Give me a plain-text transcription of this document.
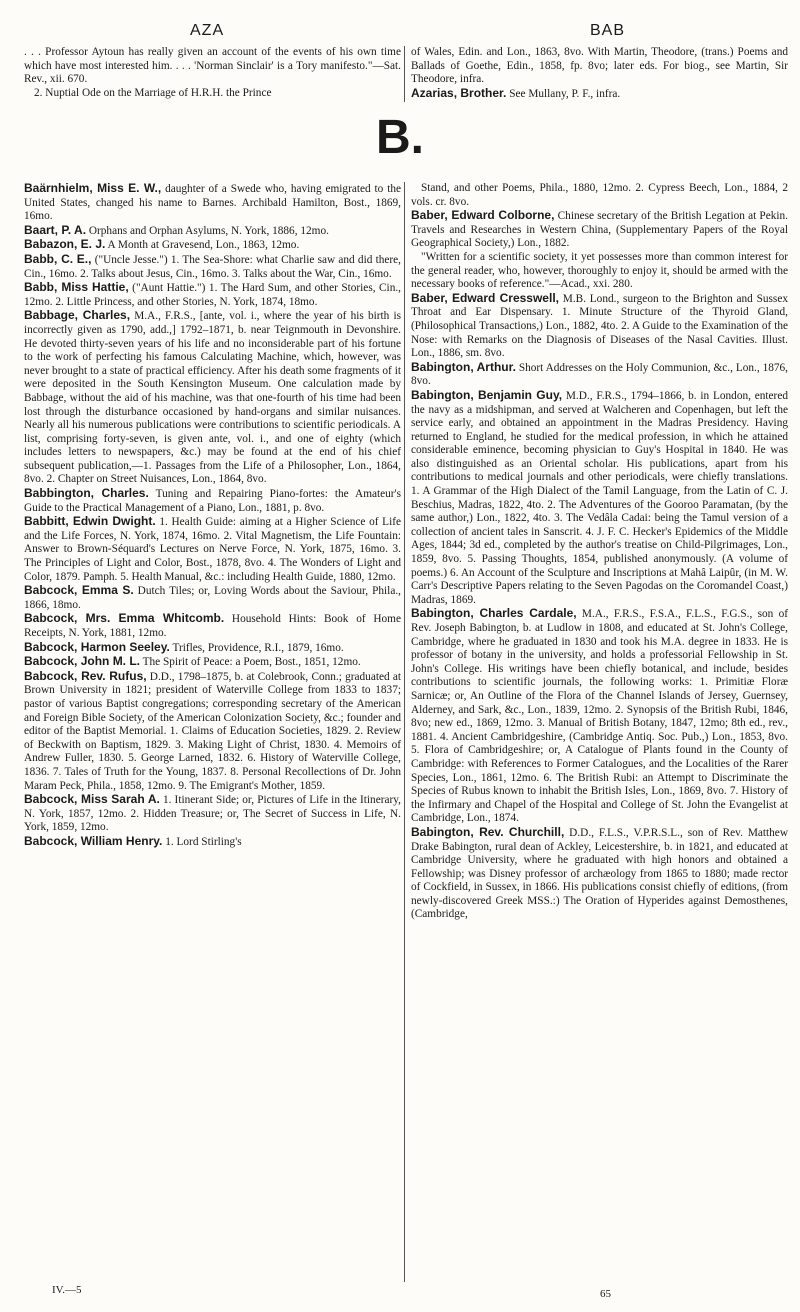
AZA	BAB

. . . Professor Aytoun has really given an account of the events of his own time which have most interested him. . . . 'Norman Sinclair' is a Tory manifesto."—Sat. Rev., xii. 670.

2. Nuptial Ode on the Marriage of H.R.H. the Prince

of Wales, Edin. and Lon., 1863, 8vo. With Martin, Theodore, (trans.) Poems and Ballads of Goethe, Edin., 1858, fp. 8vo; later eds. For biog., see Martin, Sir Theodore, infra.

Azarias, Brother. See Mullany, P. F., infra.

B.

Baärnhielm, Miss E. W., daughter of a Swede who, having emigrated to the United States, changed his name to Barnes. Archibald Hamilton, Bost., 1869, 16mo.

Baart, P. A. Orphans and Orphan Asylums, N. York, 1886, 12mo.

Babazon, E. J. A Month at Gravesend, Lon., 1863, 12mo.

Babb, C. E., ("Uncle Jesse.") 1. The Sea-Shore: what Charlie saw and did there, Cin., 16mo. 2. Talks about Jesus, Cin., 16mo. 3. Talks about the War, Cin., 16mo.

Babb, Miss Hattie, ("Aunt Hattie.") 1. The Hard Sum, and other Stories, Cin., 12mo. 2. Little Princess, and other Stories, N. York, 1874, 18mo.

Babbage, Charles, M.A., F.R.S., [ante, vol. i., where the year of his birth is incorrectly given as 1790, add.,] 1792–1871, b. near Teignmouth in Devonshire. He devoted thirty-seven years of his life and no inconsiderable part of his fortune to the work of perfecting his famous Calculating Machine, which, however, was never brought to a state of practical efficiency. After his death some fragments of it were deposited in the South Kensington Museum. One calculation made by Babbage, without the aid of his machine, was that one-fourth of his time had been lost through the disturbance occasioned by hand-organs and similar nuisances. Nearly all his numerous publications were contributions to scientific periodicals. A list, comprising forty-seven, is given ante, vol. i., and one of eighty (which includes letters to newspapers, &c.) may be found at the end of his chief subsequent publication,—1. Passages from the Life of a Philosopher, Lon., 1864, 8vo. 2. Chapter on Street Nuisances, Lon., 1864, 8vo.

Babbington, Charles. Tuning and Repairing Piano-fortes: the Amateur's Guide to the Practical Management of a Piano, Lon., 1881, p. 8vo.

Babbitt, Edwin Dwight. 1. Health Guide: aiming at a Higher Science of Life and the Life Forces, N. York, 1874, 16mo. 2. Vital Magnetism, the Life Fountain: Answer to Brown-Séquard's Lectures on Nerve Force, N. York, 1875, 16mo. 3. The Principles of Light and Color, Bost., 1878, 8vo. 4. The Wonders of Light and Color, 1879. Pamph. 5. Health Manual, &c.: including Health Guide, 1880, 12mo.

Babcock, Emma S. Dutch Tiles; or, Loving Words about the Saviour, Phila., 1866, 18mo.

Babcock, Mrs. Emma Whitcomb. Household Hints: Book of Home Receipts, N. York, 1881, 12mo.

Babcock, Harmon Seeley. Trifles, Providence, R.I., 1879, 16mo.

Babcock, John M. L. The Spirit of Peace: a Poem, Bost., 1851, 12mo.

Babcock, Rev. Rufus, D.D., 1798–1875, b. at Colebrook, Conn.; graduated at Brown University in 1821; president of Waterville College from 1833 to 1837; pastor of various Baptist congregations; corresponding secretary of the American and Foreign Bible Society, of the American Colonization Society, &c.; founder and editor of the Baptist Memorial. 1. Claims of Education Societies, 1829. 2. Review of Beckwith on Baptism, 1829. 3. Making Light of Christ, 1830. 4. Memoirs of Andrew Fuller, 1830. 5. George Larned, 1832. 6. History of Waterville College, 1836. 7. Tales of Truth for the Young, 1837. 8. Personal Recollections of Dr. John Maram Peck, Phila., 1858, 12mo. 9. The Emigrant's Mother, 1859.

Babcock, Miss Sarah A. 1. Itinerant Side; or, Pictures of Life in the Itinerary, N. York, 1857, 12mo. 2. Hidden Treasure; or, The Secret of Success in Life, N. York, 1859, 12mo.

Babcock, William Henry. 1. Lord Stirling's

Stand, and other Poems, Phila., 1880, 12mo. 2. Cypress Beech, Lon., 1884, 2 vols. cr. 8vo.

Baber, Edward Colborne, Chinese secretary of the British Legation at Pekin. Travels and Researches in Western China, (Supplementary Papers of the Royal Geographical Society,) Lon., 1882.

"Written for a scientific society, it yet possesses more than common interest for the general reader, who, however, thoroughly to enjoy it, should be armed with the necessary books of reference."—Acad., xxi. 280.

Baber, Edward Cresswell, M.B. Lond., surgeon to the Brighton and Sussex Throat and Ear Dispensary. 1. Minute Structure of the Thyroid Gland, (Philosophical Transactions,) Lon., 1882, 4to. 2. A Guide to the Examination of the Nose: with Remarks on the Diagnosis of Diseases of the Nasal Cavities. Illust. Lon., 1886, sm. 8vo.

Babington, Arthur. Short Addresses on the Holy Communion, &c., Lon., 1876, 8vo.

Babington, Benjamin Guy, M.D., F.R.S., 1794–1866, b. in London, entered the navy as a midshipman, and served at Walcheren and Copenhagen, but left the service early, and obtained an appointment in the Madras Presidency. Having returned to England, he studied for the medical profession, in which he attained considerable eminence, becoming physician to Guy's Hospital in 1840. He was also distinguished as an Oriental scholar. His publications, apart from his contributions to medical journals and other periodicals, were chiefly translations. 1. A Grammar of the High Dialect of the Tamil Language, from the Latin of C. J. Beschius, Madras, 1822, 4to. 2. The Adventures of the Gooroo Paramatan, (by the same author,) Lon., 1822, 4to. 3. The Vedâla Cadai: being the Tamul version of a collection of ancient tales in Sanscrit. 4. J. F. C. Hecker's Epidemics of the Middle Ages, 1844; 3d ed., completed by the author's treatise on Child-Pilgrimages, Lon., 1859, 8vo. 5. Passing Thoughts, 1854, published anonymously. (A volume of poems.) 6. An Account of the Sculpture and Inscriptions at Mahâ Laipûr, (in M. W. Carr's Descriptive Papers relating to the Seven Pagodas on the Coromandel Coast,) Madras, 1869.

Babington, Charles Cardale, M.A., F.R.S., F.S.A., F.L.S., F.G.S., son of Rev. Joseph Babington, b. at Ludlow in 1808, and educated at St. John's College, Cambridge, where he graduated in 1830 and took his M.A. degree in 1833. He is professor of botany in the university, and holds a professorial Fellowship in St. John's College. His writings have been chiefly botanical, and include, besides contributions to scientific journals, the following works: 1. Primitiæ Floræ Sarnicæ; or, An Outline of the Flora of the Channel Islands of Jersey, Guernsey, Alderney, and Sark, &c., Lon., 1839, 12mo. 2. Synopsis of the British Rubi, 1846, 8vo; new ed., 1869, 12mo. 3. Manual of British Botany, 1847, 12mo; 8th ed., rev., 1881. 4. Ancient Cambridgeshire, (Cambridge Antiq. Soc. Pub.,) Lon., 1853, 8vo. 5. Flora of Cambridgeshire; or, A Catalogue of Plants found in the County of Cambridge: with References to Former Catalogues, and the Localities of the Rarer Species, Lon., 1861, 12mo. 6. The British Rubi: an Attempt to Discriminate the Species of Rubus known to inhabit the British Isles, Lon., 1869, 8vo. 7. History of the Infirmary and Chapel of the Hospital and College of St. John the Evangelist at Cambridge, Lon., 1874.

Babington, Rev. Churchill, D.D., F.L.S., V.P.R.S.L., son of Rev. Matthew Drake Babington, rural dean of Ackley, Leicestershire, b. in 1821, and educated at Cambridge University, where he graduated with high honors and obtained a Fellowship; was Disney professor of archæology from 1865 to 1880; made rector of Cockfield, in Sussex, in 1866. His publications consist chiefly of editions, (from newly-discovered Greek MSS.:) The Oration of Hyperides against Demosthenes, (Cambridge,

IV.—5	65
